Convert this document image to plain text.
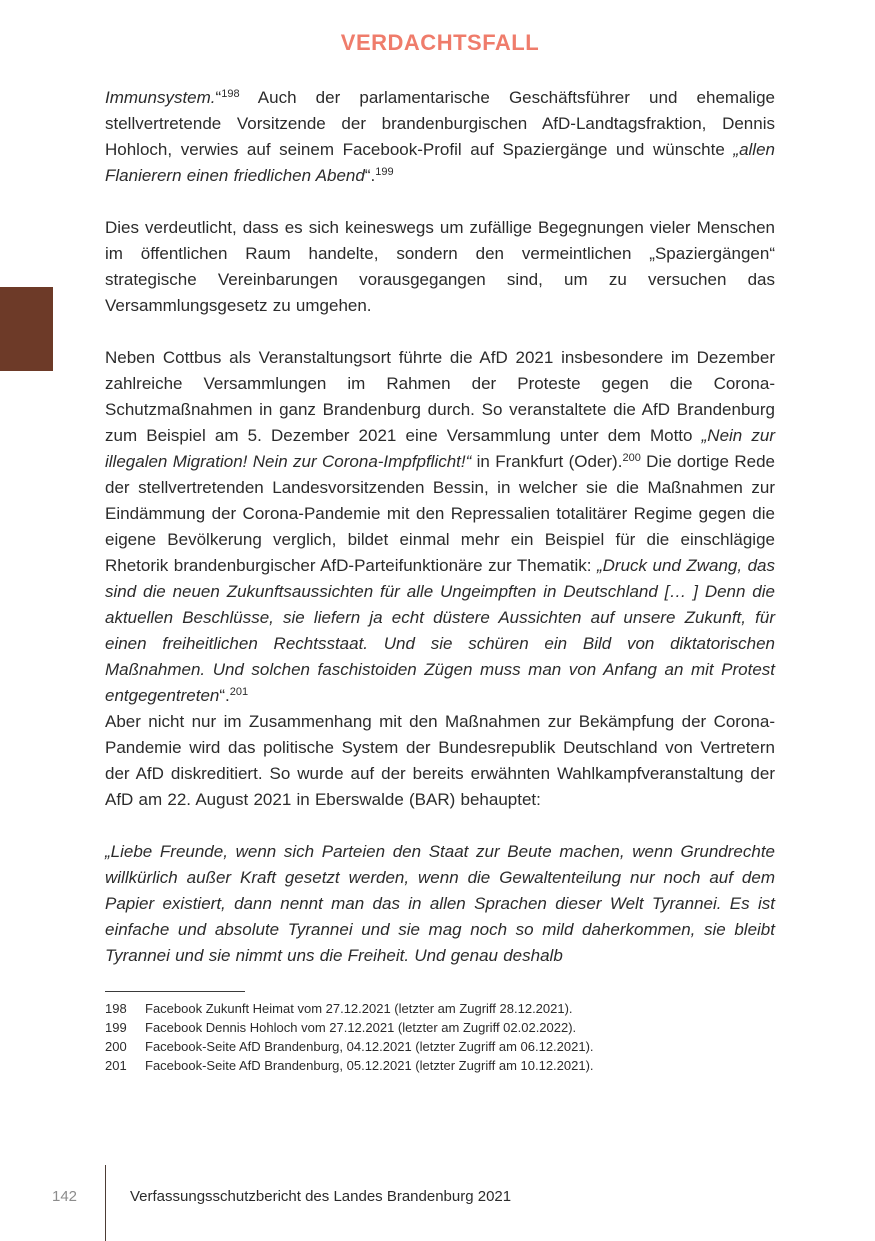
VERDACHTSFALL

Immunsystem.“$^{198}$ Auch der parlamentarische Geschäftsführer und ehemalige stellvertretende Vorsitzende der brandenburgischen AfD-Landtagsfraktion, Dennis Hohloch, verwies auf seinem Facebook-Profil auf Spaziergänge und wünschte „allen Flanierern einen friedlichen Abend“.$^{199}$

Dies verdeutlicht, dass es sich keineswegs um zufällige Begegnungen vieler Menschen im öffentlichen Raum handelte, sondern den vermeintlichen „Spaziergängen“ strategische Vereinbarungen vorausgegangen sind, um zu versuchen das Versammlungsgesetz zu umgehen.

Neben Cottbus als Veranstaltungsort führte die AfD 2021 insbesondere im Dezember zahlreiche Versammlungen im Rahmen der Proteste gegen die Corona-Schutzmaßnahmen in ganz Brandenburg durch. So veranstaltete die AfD Brandenburg zum Beispiel am 5. Dezember 2021 eine Versammlung unter dem Motto „Nein zur illegalen Migration! Nein zur Corona-Impfpflicht!“ in Frankfurt (Oder).$^{200}$ Die dortige Rede der stellvertretenden Landesvorsitzenden Bessin, in welcher sie die Maßnahmen zur Eindämmung der Corona-Pandemie mit den Repressalien totalitärer Regime gegen die eigene Bevölkerung verglich, bildet einmal mehr ein Beispiel für die einschlägige Rhetorik brandenburgischer AfD-Parteifunktionäre zur Thematik: „Druck und Zwang, das sind die neuen Zukunftsaussichten für alle Ungeimpften in Deutschland [… ] Denn die aktuellen Beschlüsse, sie liefern ja echt düstere Aussichten auf unsere Zukunft, für einen freiheitlichen Rechtsstaat. Und sie schüren ein Bild von diktatorischen Maßnahmen. Und solchen faschistoiden Zügen muss man von Anfang an mit Protest entgegentreten“.$^{201}$

Aber nicht nur im Zusammenhang mit den Maßnahmen zur Bekämpfung der Corona-Pandemie wird das politische System der Bundesrepublik Deutschland von Vertretern der AfD diskreditiert. So wurde auf der bereits erwähnten Wahlkampfveranstaltung der AfD am 22. August 2021 in Eberswalde (BAR) behauptet:

„Liebe Freunde, wenn sich Parteien den Staat zur Beute machen, wenn Grundrechte willkürlich außer Kraft gesetzt werden, wenn die Gewaltenteilung nur noch auf dem Papier existiert, dann nennt man das in allen Sprachen dieser Welt Tyrannei. Es ist einfache und absolute Tyrannei und sie mag noch so mild daherkommen, sie bleibt Tyrannei und sie nimmt uns die Freiheit. Und genau deshalb

198	Facebook Zukunft Heimat vom 27.12.2021 (letzter am Zugriff 28.12.2021).
199	Facebook Dennis Hohloch vom 27.12.2021 (letzter am Zugriff 02.02.2022).
200	Facebook-Seite AfD Brandenburg, 04.12.2021 (letzter Zugriff am 06.12.2021).
201	Facebook-Seite AfD Brandenburg, 05.12.2021 (letzter Zugriff am 10.12.2021).
142	Verfassungsschutzbericht des Landes Brandenburg 2021
